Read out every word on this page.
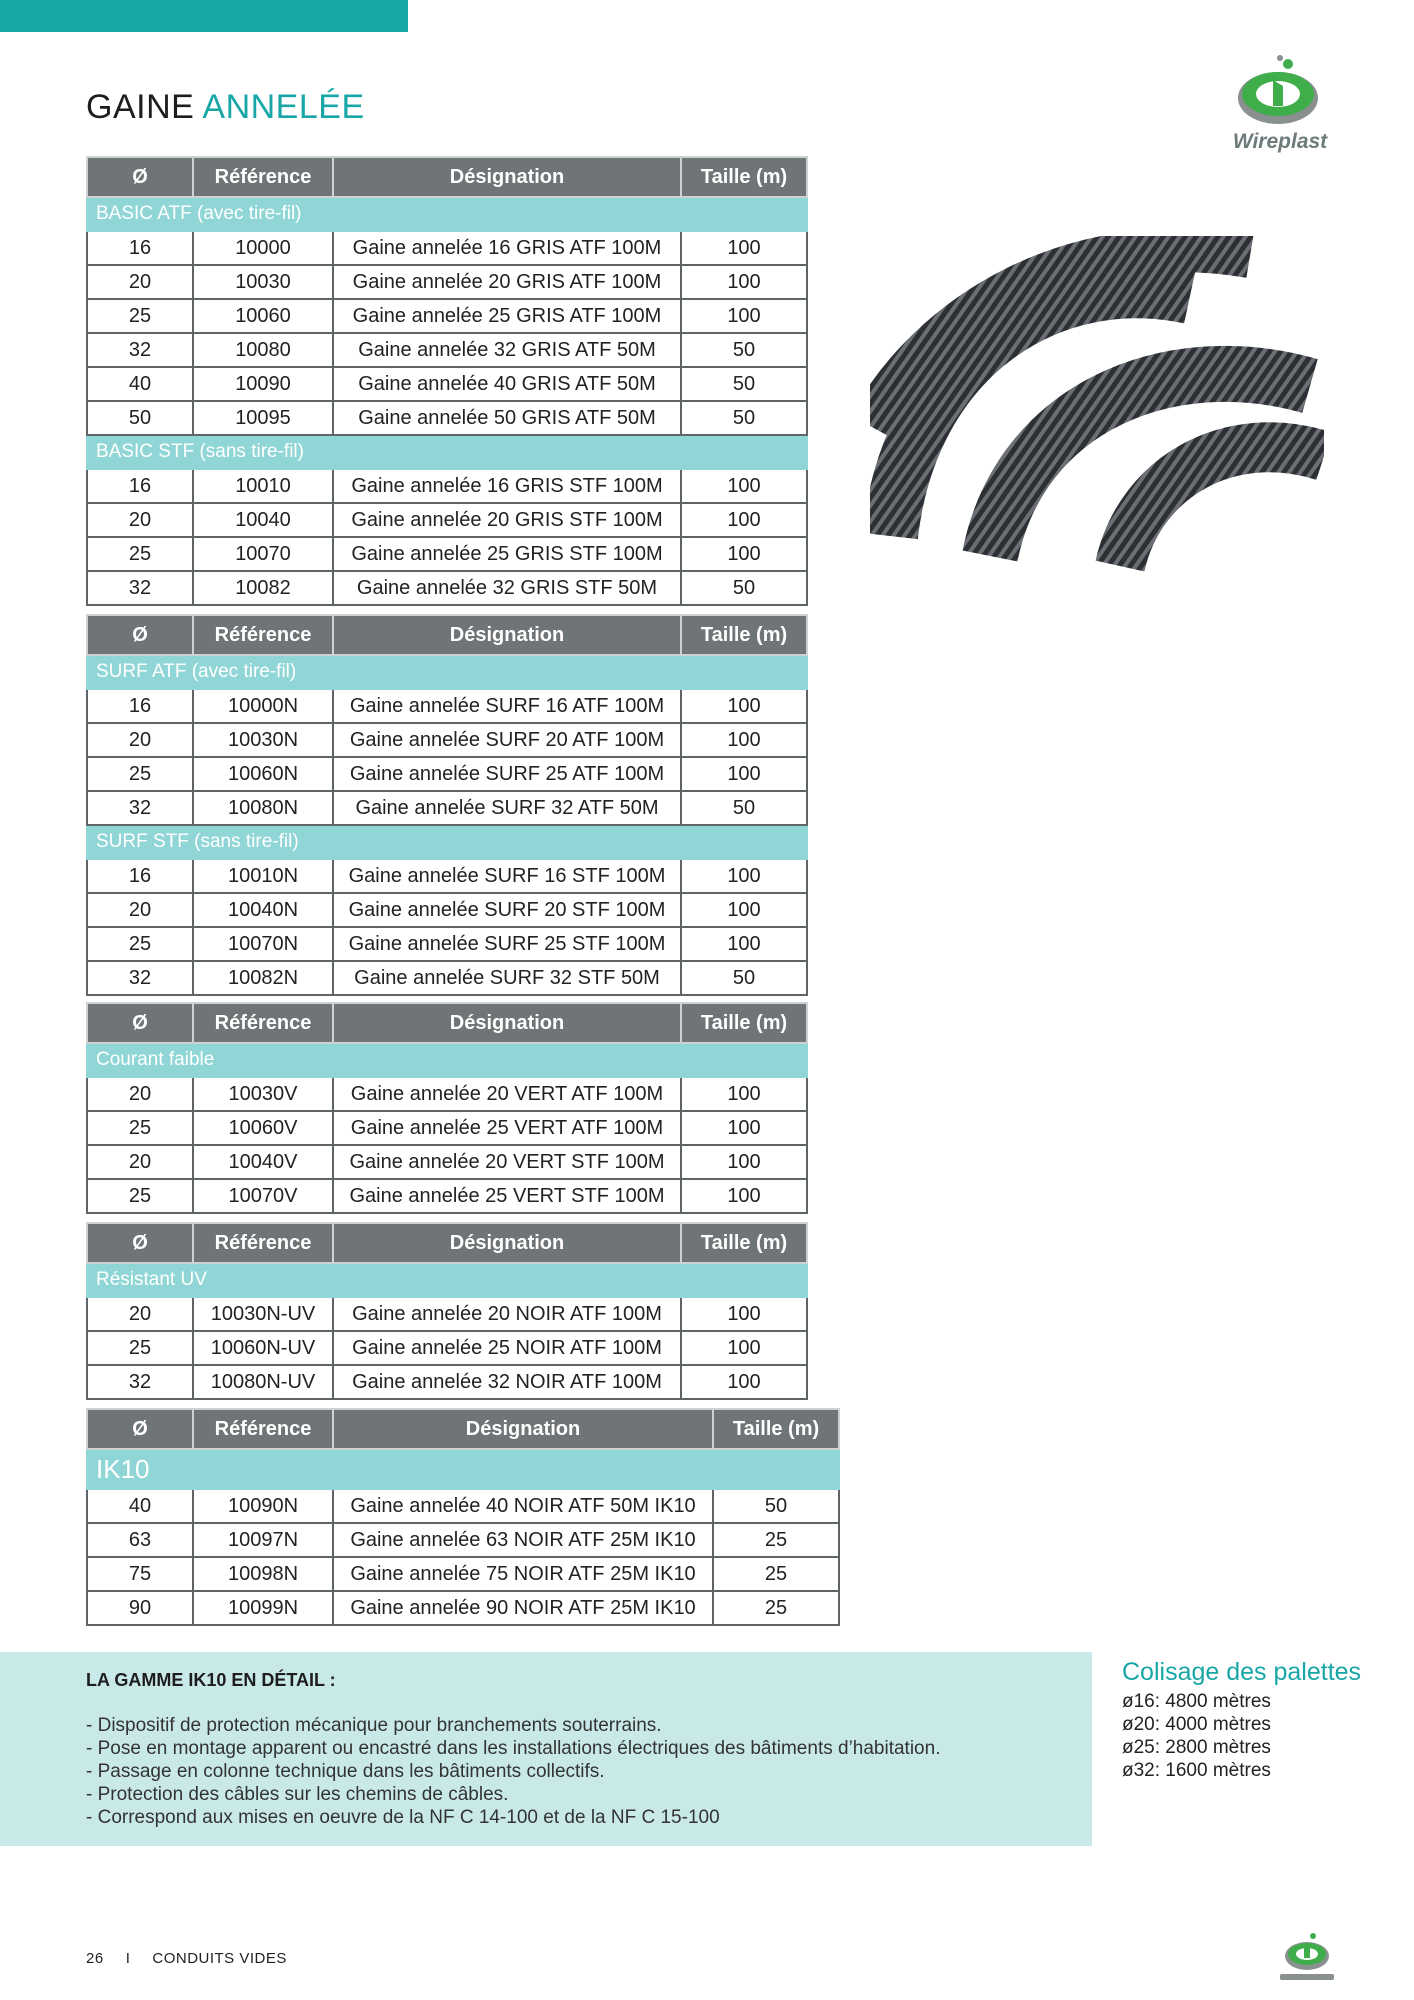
GAINE ANNELÉE
Wireplast
Ø	Référence	Désignation	Taille (m)
BASIC ATF (avec tire-fil)			
16	10000	Gaine annelée 16 GRIS ATF 100M	100
20	10030	Gaine annelée 20 GRIS ATF 100M	100
25	10060	Gaine annelée 25 GRIS ATF 100M	100
32	10080	Gaine annelée 32 GRIS ATF 50M	50
40	10090	Gaine annelée 40 GRIS ATF 50M	50
50	10095	Gaine annelée 50 GRIS ATF 50M	50
BASIC STF (sans tire-fil)			
16	10010	Gaine annelée 16 GRIS STF 100M	100
20	10040	Gaine annelée 20 GRIS STF 100M	100
25	10070	Gaine annelée 25 GRIS STF 100M	100
32	10082	Gaine annelée 32 GRIS STF 50M	50
Ø	Référence	Désignation	Taille (m)
SURF ATF (avec tire-fil)			
16	10000N	Gaine annelée SURF 16 ATF 100M	100
20	10030N	Gaine annelée SURF 20 ATF 100M	100
25	10060N	Gaine annelée SURF 25 ATF 100M	100
32	10080N	Gaine annelée SURF 32 ATF 50M	50
SURF STF (sans tire-fil)			
16	10010N	Gaine annelée SURF 16 STF 100M	100
20	10040N	Gaine annelée SURF 20 STF 100M	100
25	10070N	Gaine annelée SURF 25 STF 100M	100
32	10082N	Gaine annelée SURF 32 STF 50M	50
Ø	Référence	Désignation	Taille (m)
Courant faible			
20	10030V	Gaine annelée 20 VERT ATF 100M	100
25	10060V	Gaine annelée 25 VERT ATF 100M	100
20	10040V	Gaine annelée 20 VERT STF 100M	100
25	10070V	Gaine annelée 25 VERT STF 100M	100
Ø	Référence	Désignation	Taille (m)
Résistant UV			
20	10030N-UV	Gaine annelée 20 NOIR ATF 100M	100
25	10060N-UV	Gaine annelée 25 NOIR ATF 100M	100
32	10080N-UV	Gaine annelée 32 NOIR ATF 100M	100
Ø	Référence	Désignation	Taille (m)
IK10			
40	10090N	Gaine annelée 40 NOIR ATF 50M IK10	50
63	10097N	Gaine annelée 63 NOIR ATF 25M IK10	25
75	10098N	Gaine annelée 75 NOIR ATF 25M IK10	25
90	10099N	Gaine annelée 90 NOIR ATF 25M IK10	25
LA GAMME IK10 EN DÉTAIL :
- Dispositif de protection mécanique pour branchements souterrains.
- Pose en montage apparent ou encastré dans les installations électriques des bâtiments d’habitation.
- Passage en colonne technique dans les bâtiments collectifs.
- Protection des câbles sur les chemins de câbles.
- Correspond aux mises en oeuvre de la NF C 14-100 et de la NF C 15-100
Colisage des palettes
ø16: 4800 mètres
ø20: 4000 mètres
ø25: 2800 mètres
ø32: 1600 mètres
26 I CONDUITS VIDES
